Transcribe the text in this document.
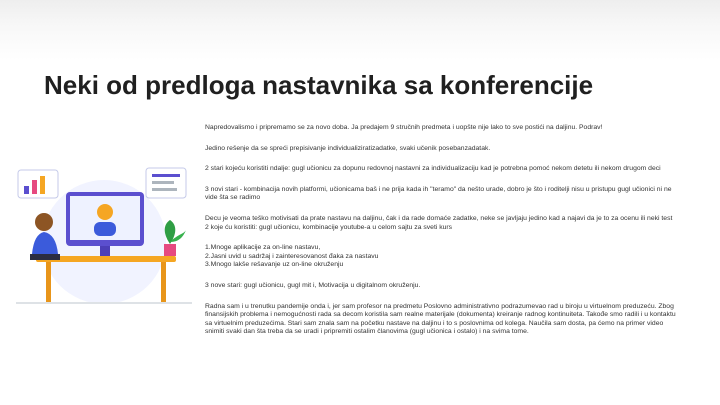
Neki od predloga nastavnika sa konferencije

Napredovalismo i pripremamo se za novo doba. Ja predajem 9 stručnih predmeta i uopšte nije lako to sve postići na daljinu. Podrav!

Jedino rešenje da se spreći prepisivanje individualiziratizadatke, svaki učenik posebanzadatak.

2 stari kojeću koristiti ndalje: gugl učionicu za dopunu redovnoj nastavni za individualizaciju kad je potrebna pomoć nekom detetu ili nekom drugom deci

3 novi stari - kombinacija novih platformi, učionicama baš i ne prija kada ih "teramo" da nešto urade, dobro je što i roditelji nisu u pristupu gugl učionici ni ne vide šta se radimo

Decu je veoma teško motivisati da prate nastavu na daljinu, čak i da rade domaće zadatke, neke se javljaju jedino kad a najavi da je to za ocenu ili neki test

2 koje ću koristiti: gugl učionicu, kombinacije youtube-a u celom sajtu za sveti kurs

1.Mnoge aplikacije za on-line nastavu,

2.Jasni uvid u sadržaj i zainteresovanost đaka za nastavu

3.Mnogo lakše rešavanje uz on-line okruženju

3 nove stari: gugl učionicu, gugl mit i, Motivacija u digitalnom okruženju.

Radna sam i u trenutku pandemije onda i, jer sam profesor na predmetu Poslovno administrativno podrazumevao rad u biroju u virtuelnom preduzeću. Zbog finansijskih problema i nemogućnosti rada sa decom koristila sam realne materijale (dokumenta) kreiranje radnog kontinuiteta. Takođe smo radili i u kontaktu sa virtuelnim preduzećima. Stari sam znala sam na početku nastave na daljinu i to s poslovnima od kolega. Naučila sam dosta, pa ćemo na primer video snimiti svaki dan šta treba da se uradi i pripremiti ostalim članovima (gugl učionica i ostalo) i na svima tome.
